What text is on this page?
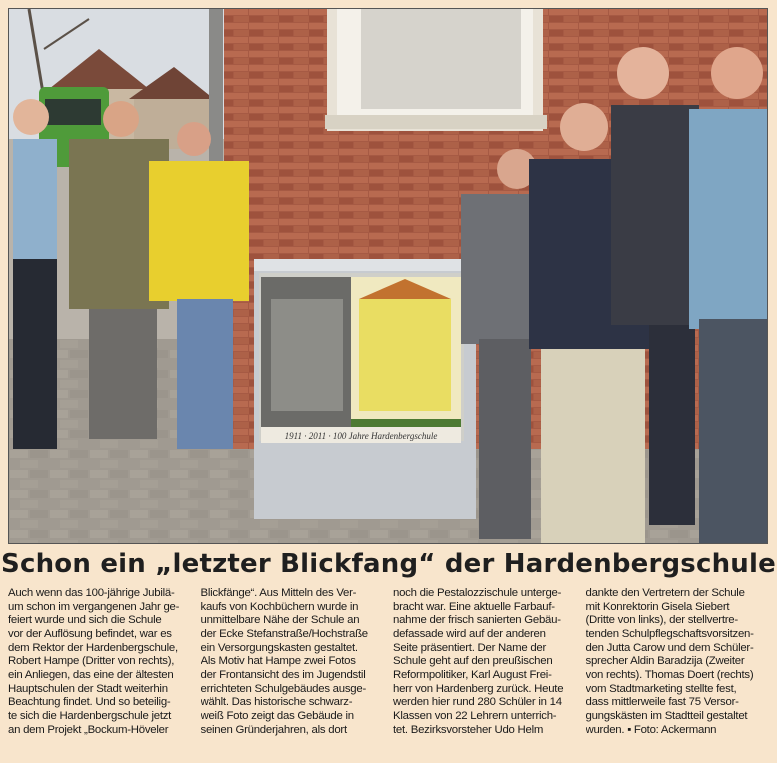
1911 · 2011 · 100 Jahre Hardenbergschule
Schon ein „letzter Blickfang“ der Hardenbergschule
Auch wenn das 100-jährige Jubilä-
um schon im vergangenen Jahr ge-
feiert wurde und sich die Schule
vor der Auflösung befindet, war es
dem Rektor der Hardenbergschule,
Robert Hampe (Dritter von rechts),
ein Anliegen, das eine der ältesten
Hauptschulen der Stadt weiterhin
Beachtung findet. Und so beteilig-
te sich die Hardenbergschule jetzt
an dem Projekt „Bockum-Höveler
Blickfänge“. Aus Mitteln des Ver-
kaufs von Kochbüchern wurde in
unmittelbare Nähe der Schule an
der Ecke Stefanstraße/Hochstraße
ein Versorgungskasten gestaltet.
Als Motiv hat Hampe zwei Fotos
der Frontansicht des im Jugendstil
errichteten Schulgebäudes ausge-
wählt. Das historische schwarz-
weiß Foto zeigt das Gebäude in
seinen Gründerjahren, als dort
noch die Pestalozzischule unterge-
bracht war. Eine aktuelle Farbauf-
nahme der frisch sanierten Gebäu-
defassade wird auf der anderen
Seite präsentiert. Der Name der
Schule geht auf den preußischen
Reformpolitiker, Karl August Frei-
herr von Hardenberg zurück. Heute
werden hier rund 280 Schüler in 14
Klassen von 22 Lehrern unterrich-
tet. Bezirksvorsteher Udo Helm
dankte den Vertretern der Schule
mit Konrektorin Gisela Siebert
(Dritte von links), der stellvertre-
tenden Schulpflegschaftsvorsitzen-
den Jutta Carow und dem Schüler-
sprecher Aldin Baradzija (Zweiter
von rechts). Thomas Doert (rechts)
vom Stadtmarketing stellte fest,
dass mittlerweile fast 75 Versor-
gungskästen im Stadtteil gestaltet
wurden. ▪ Foto: Ackermann
